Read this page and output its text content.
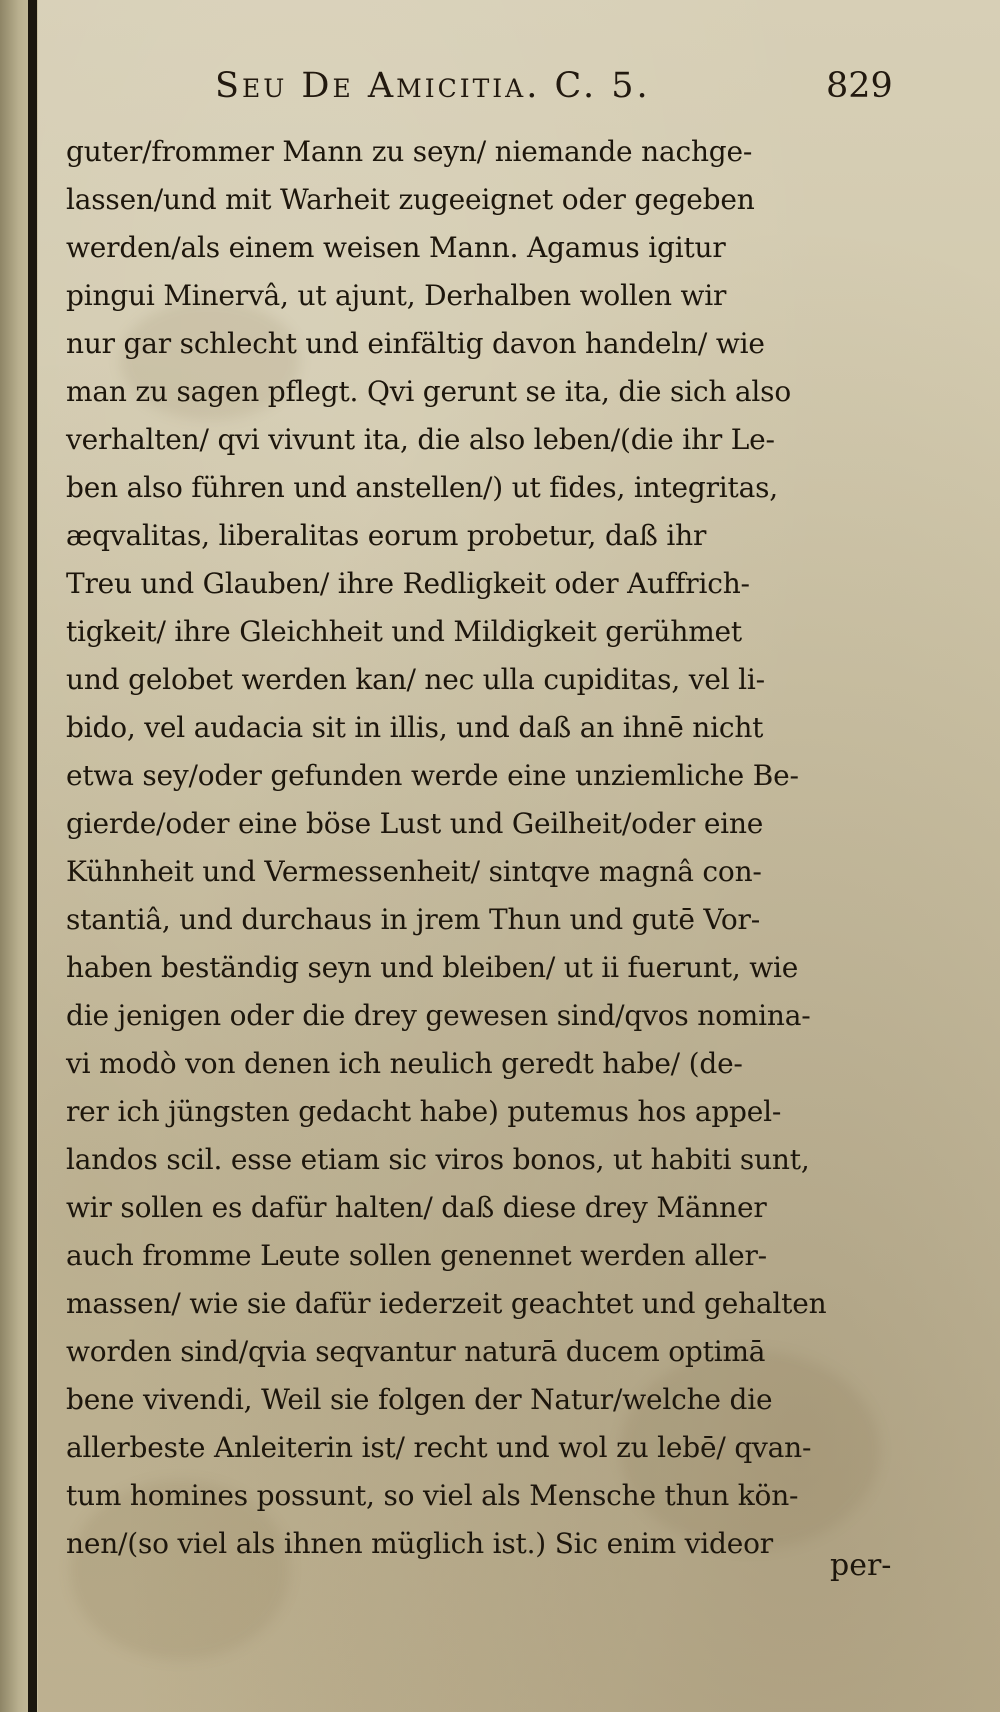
Seu De Amicitia. C. 5.	829
guter/frommer Mann zu seyn/ niemande nachge-
lassen/und mit Warheit zugeeignet oder gegeben
werden/als einem weisen Mann. Agamus igitur
pingui Minervâ, ut ajunt, Derhalben wollen wir
nur gar schlecht und einfältig davon handeln/ wie
man zu sagen pflegt. Qvi gerunt se ita, die sich also
verhalten/ qvi vivunt ita, die also leben/(die ihr Le-
ben also führen und anstellen/) ut fides, integritas,
æqvalitas, liberalitas eorum probetur, daß ihr
Treu und Glauben/ ihre Redligkeit oder Auffrich-
tigkeit/ ihre Gleichheit und Mildigkeit gerühmet
und gelobet werden kan/ nec ulla cupiditas, vel li-
bido, vel audacia sit in illis, und daß an ihnē nicht
etwa sey/oder gefunden werde eine unziemliche Be-
gierde/oder eine böse Lust und Geilheit/oder eine
Kühnheit und Vermessenheit/ sintqve magnâ con-
stantiâ, und durchaus in jrem Thun und gutē Vor-
haben beständig seyn und bleiben/ ut ii fuerunt, wie
die jenigen oder die drey gewesen sind/qvos nomina-
vi modò von denen ich neulich geredt habe/ (de-
rer ich jüngsten gedacht habe) putemus hos appel-
landos scil. esse etiam sic viros bonos, ut habiti sunt,
wir sollen es dafür halten/ daß diese drey Männer
auch fromme Leute sollen genennet werden aller-
massen/ wie sie dafür iederzeit geachtet und gehalten
worden sind/qvia seqvantur naturā ducem optimā
bene vivendi, Weil sie folgen der Natur/welche die
allerbeste Anleiterin ist/ recht und wol zu lebē/ qvan-
tum homines possunt, so viel als Mensche thun kön-
nen/(so viel als ihnen müglich ist.) Sic enim videor
per-
